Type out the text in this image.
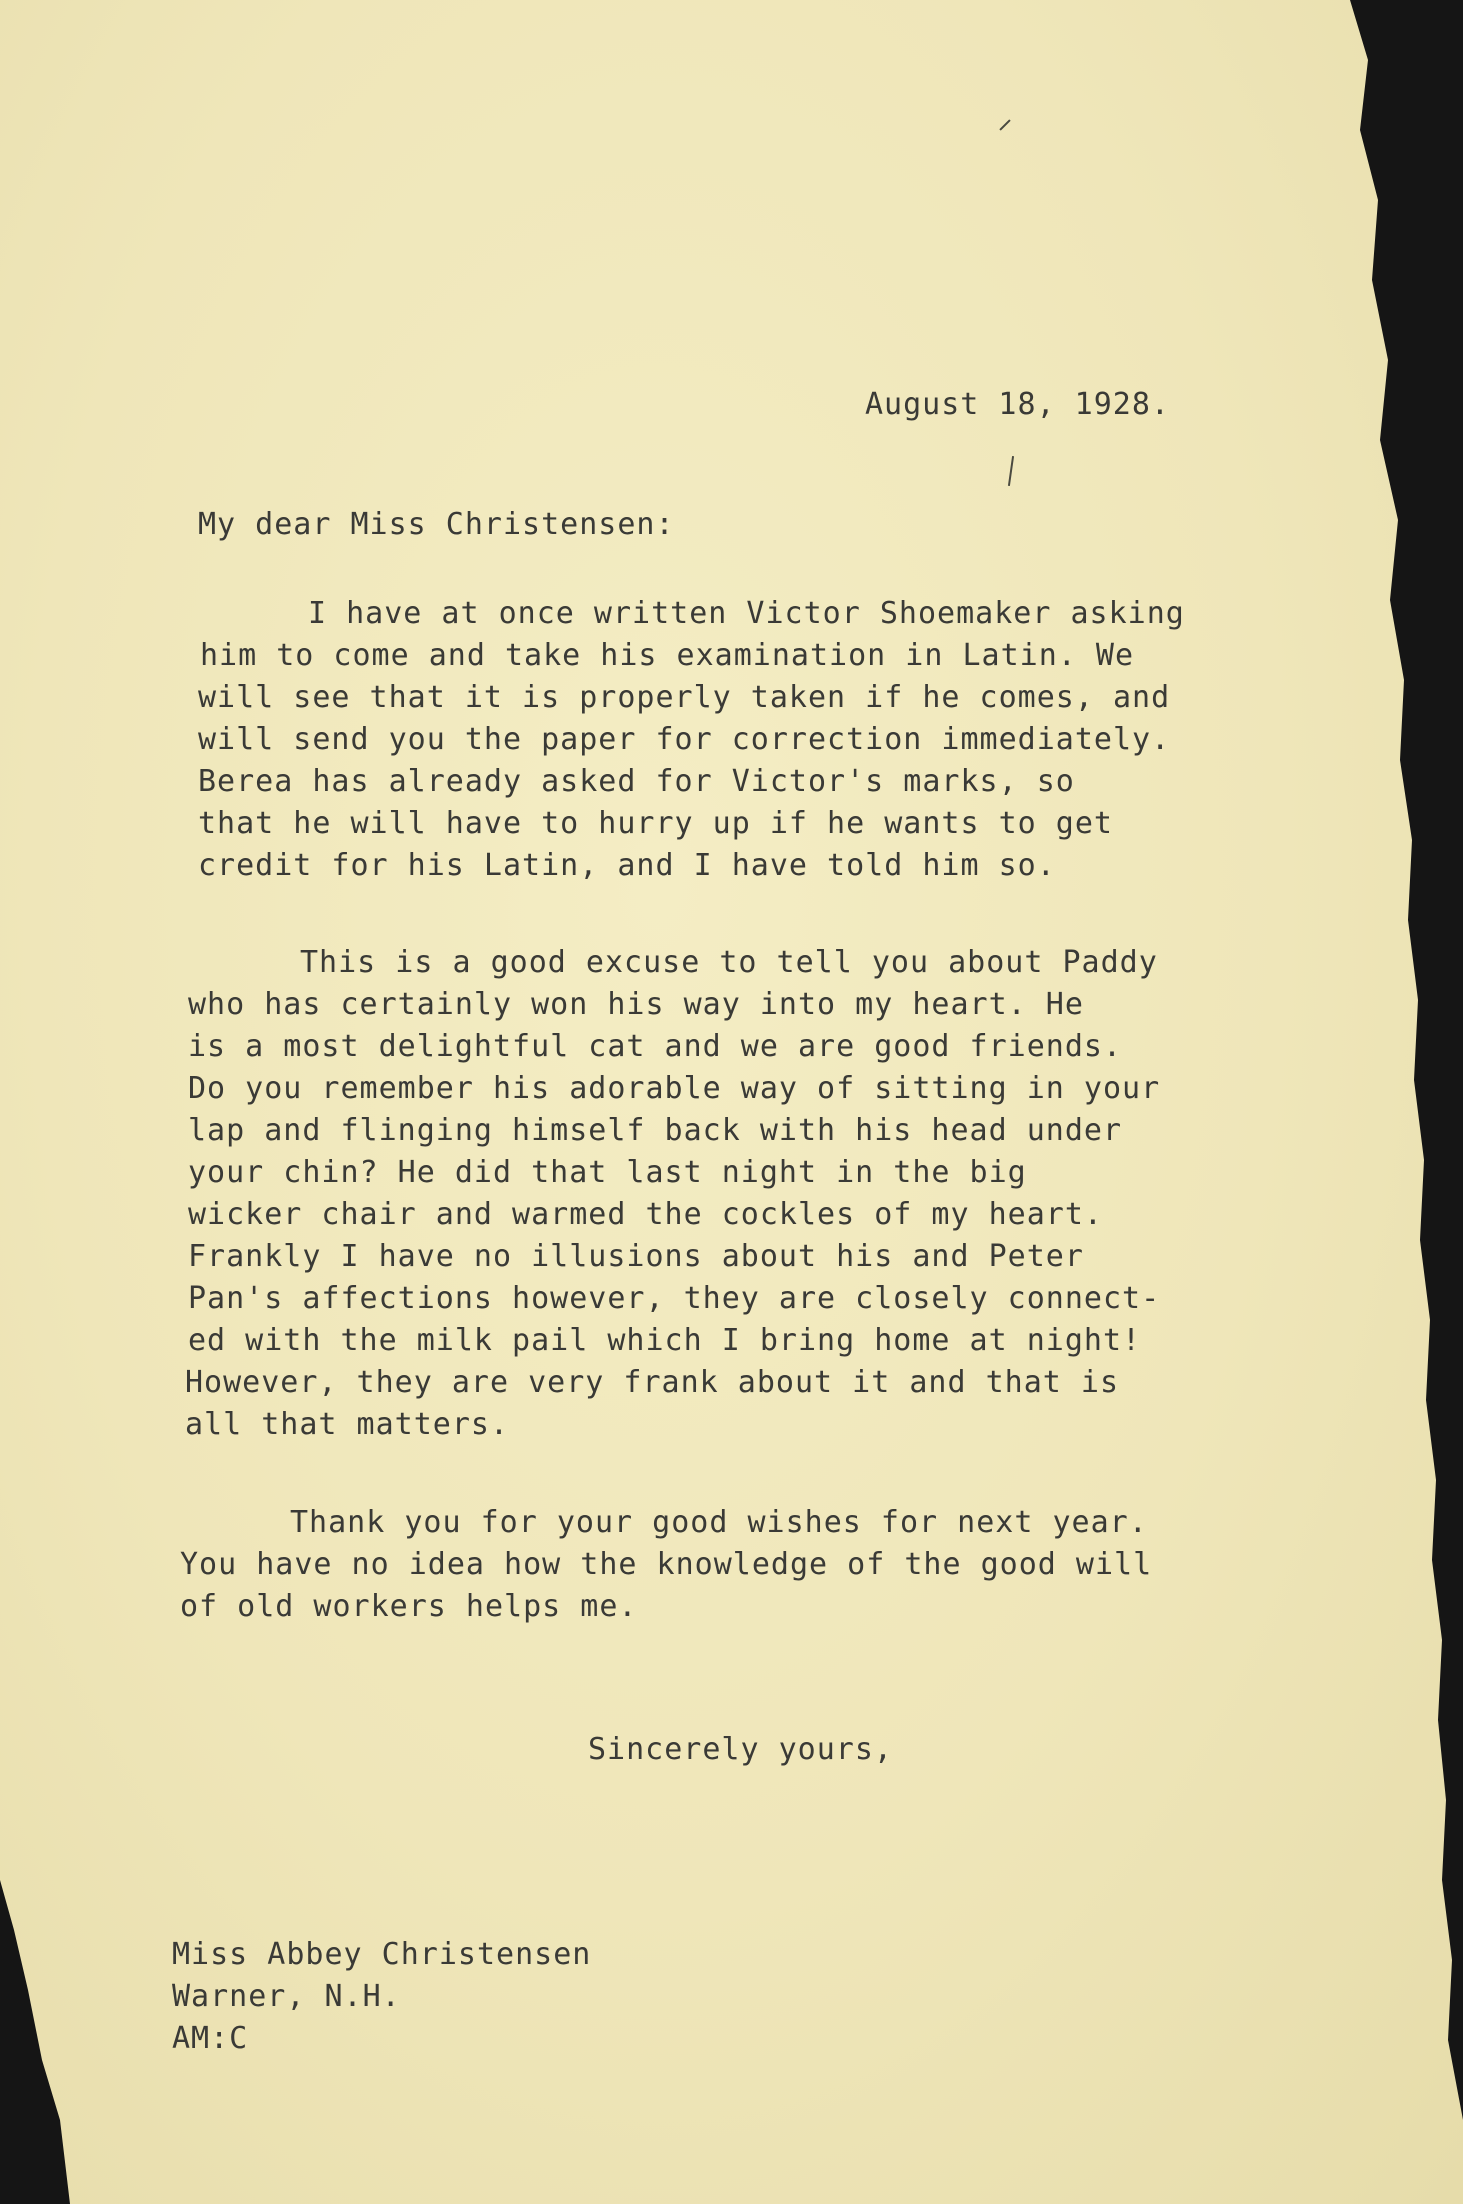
August 18, 1928.
My dear Miss Christensen:
I have at once written Victor Shoemaker asking
him to come and take his examination in Latin. We
will see that it is properly taken if he comes, and
will send you the paper for correction immediately.
Berea has already asked for Victor's marks, so
that he will have to hurry up if he wants to get
credit for his Latin, and I have told him so.
This is a good excuse to tell you about Paddy
who has certainly won his way into my heart. He
is a most delightful cat and we are good friends.
Do you remember his adorable way of sitting in your
lap and flinging himself back with his head under
your chin? He did that last night in the big
wicker chair and warmed the cockles of my heart.
Frankly I have no illusions about his and Peter
Pan's affections however, they are closely connect-
ed with the milk pail which I bring home at night!
However, they are very frank about it and that is
all that matters.
Thank you for your good wishes for next year.
You have no idea how the knowledge of the good will
of old workers helps me.
Sincerely yours,
Miss Abbey Christensen
Warner, N.H.
AM:C
